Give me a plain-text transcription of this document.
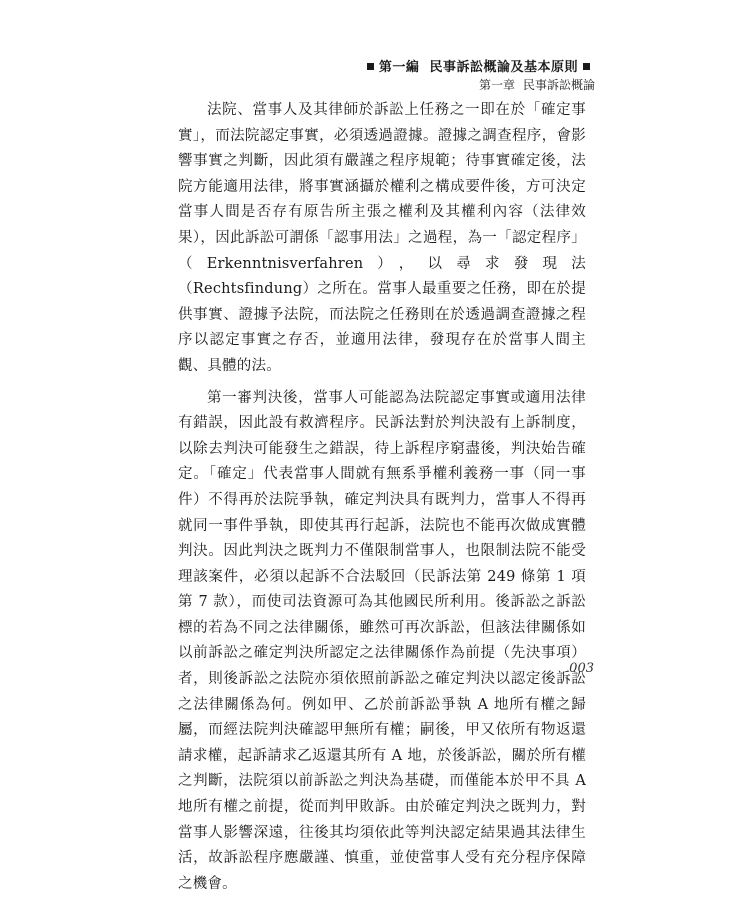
第一編 民事訴訟概論及基本原則
第一章 民事訴訟概論

法院、當事人及其律師於訴訟上任務之一即在於「確定事實」，而法院認定事實，必須透過證據。證據之調查程序，會影響事實之判斷，因此須有嚴謹之程序規範；待事實確定後，法院方能適用法律，將事實涵攝於權利之構成要件後，方可決定當事人間是否存有原告所主張之權利及其權利內容（法律效果），因此訴訟可謂係「認事用法」之過程，為一「認定程序」（Erkenntnisverfahren），以尋求發現法（Rechtsfindung）之所在。當事人最重要之任務，即在於提供事實、證據予法院，而法院之任務則在於透過調查證據之程序以認定事實之存否，並適用法律，發現存在於當事人間主觀、具體的法。

第一審判決後，當事人可能認為法院認定事實或適用法律有錯誤，因此設有救濟程序。民訴法對於判決設有上訴制度，以除去判決可能發生之錯誤，待上訴程序窮盡後，判決始告確定。「確定」代表當事人間就有無系爭權利義務一事（同一事件）不得再於法院爭執，確定判決具有既判力，當事人不得再就同一事件爭執，即使其再行起訴，法院也不能再次做成實體判決。因此判決之既判力不僅限制當事人，也限制法院不能受理該案件，必須以起訴不合法駁回（民訴法第 249 條第 1 項第 7 款），而使司法資源可為其他國民所利用。後訴訟之訴訟標的若為不同之法律關係，雖然可再次訴訟，但該法律關係如以前訴訟之確定判決所認定之法律關係作為前提（先決事項）者，則後訴訟之法院亦須依照前訴訟之確定判決以認定後訴訟之法律關係為何。例如甲、乙於前訴訟爭執 A 地所有權之歸屬，而經法院判決確認甲無所有權；嗣後，甲又依所有物返還請求權，起訴請求乙返還其所有 A 地，於後訴訟，關於所有權之判斷，法院須以前訴訟之判決為基礎，而僅能本於甲不具 A 地所有權之前提，從而判甲敗訴。由於確定判決之既判力，對當事人影響深遠，往後其均須依此等判決認定結果過其法律生活，故訴訟程序應嚴謹、慎重，並使當事人受有充分程序保障之機會。

003
